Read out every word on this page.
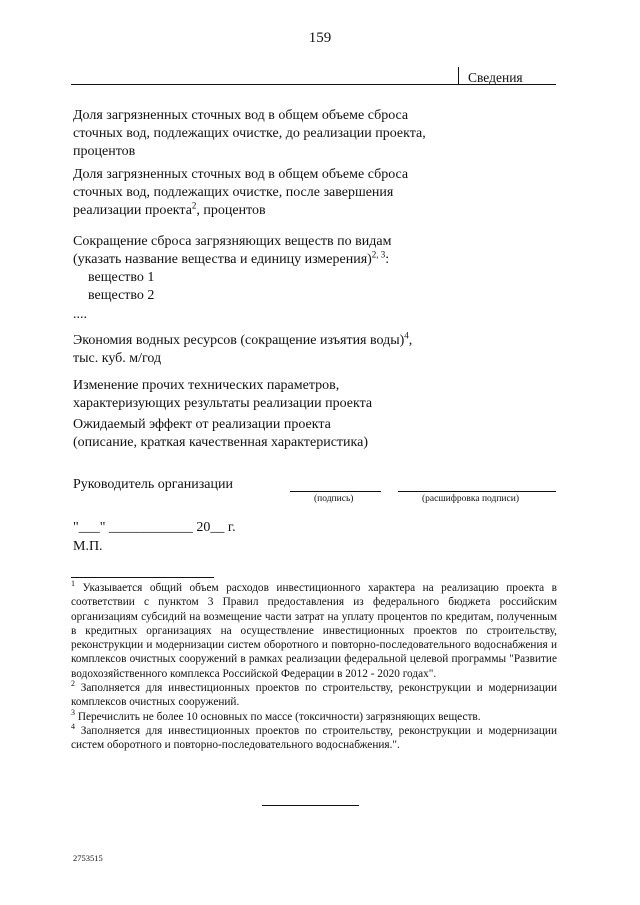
159
Сведения
Доля загрязненных сточных вод в общем объеме сброса
сточных вод, подлежащих очистке, до реализации проекта,
процентов
Доля загрязненных сточных вод в общем объеме сброса
сточных вод, подлежащих очистке, после завершения
реализации проекта$^2$, процентов
Сокращение сброса загрязняющих веществ по видам
(указать название вещества и единицу измерения)$^{2, 3}$:
вещество 1
вещество 2
....
Экономия водных ресурсов (сокращение изъятия воды)$^4$,
тыс. куб. м/год
Изменение прочих технических параметров,
характеризующих результаты реализации проекта
Ожидаемый эффект от реализации проекта
(описание, краткая качественная характеристика)
Руководитель организации
(подпись)	(расшифровка подписи)
"___" ____________ 20__ г.
М.П.

$^1$ Указывается общий объем расходов инвестиционного характера на реализацию проекта в соответствии с пунктом 3 Правил предоставления из федерального бюджета российским организациям субсидий на возмещение части затрат на уплату процентов по кредитам, полученным в кредитных организациях на осуществление инвестиционных проектов по строительству, реконструкции и модернизации систем оборотного и повторно-последовательного водоснабжения и комплексов очистных сооружений в рамках реализации федеральной целевой программы "Развитие водохозяйственного комплекса Российской Федерации в 2012 - 2020 годах".

$^2$ Заполняется для инвестиционных проектов по строительству, реконструкции и модернизации комплексов очистных сооружений.

$^3$ Перечислить не более 10 основных по массе (токсичности) загрязняющих веществ.

$^4$ Заполняется для инвестиционных проектов по строительству, реконструкции и модернизации систем оборотного и повторно-последовательного водоснабжения.".

2753515
